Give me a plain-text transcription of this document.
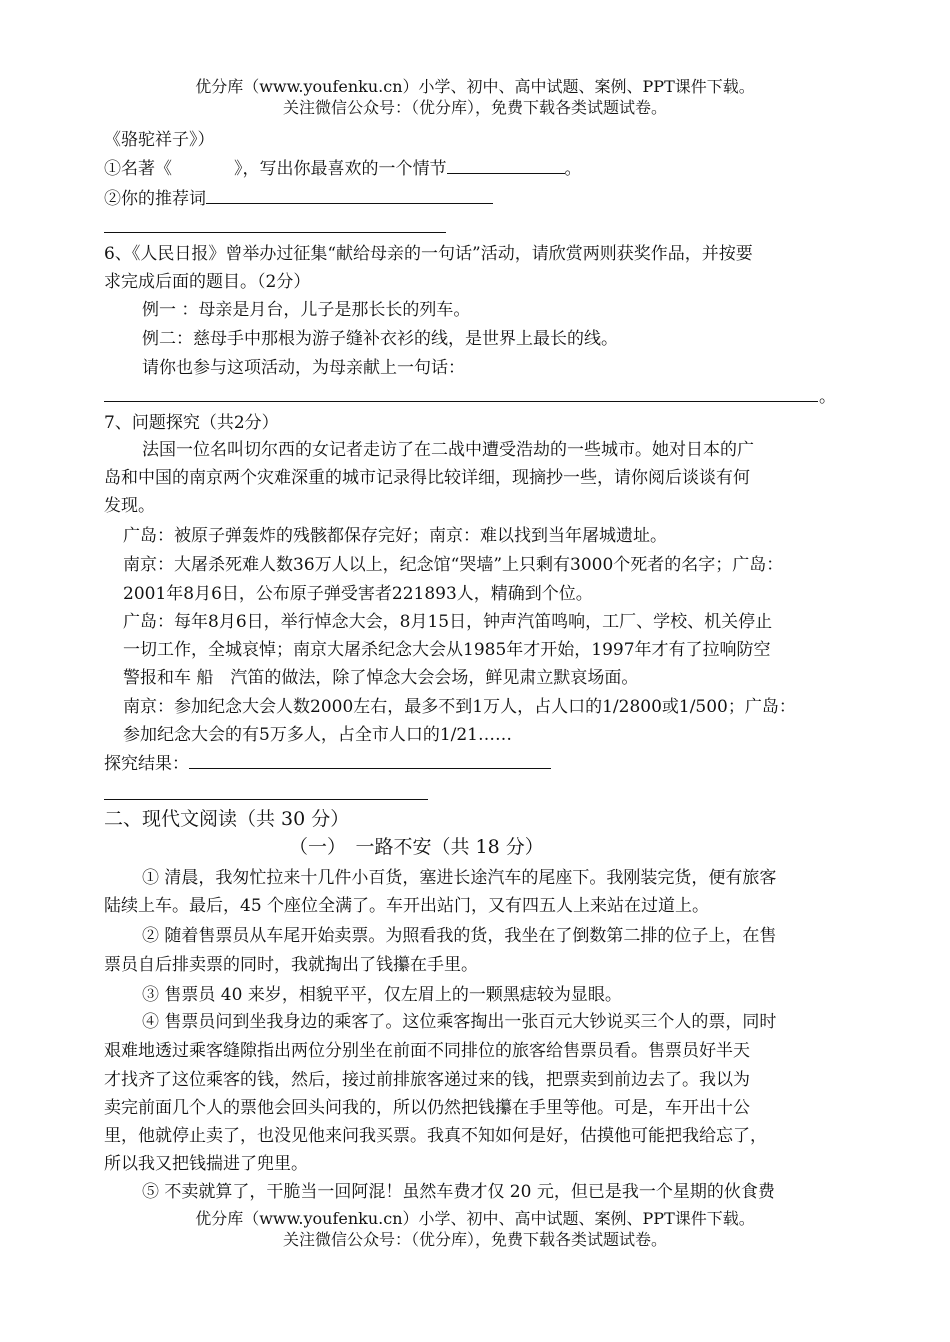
优分库（www.youfenku.cn）小学、初中、高中试题、案例、PPT课件下载。
关注微信公众号：（优分库），免费下载各类试题试卷。
《骆驼祥子》）
①名著《	》，写出你最喜欢的一个情节	。
②你的推荐词
6、《人民日报》曾举办过征集“献给母亲的一句话”活动，请欣赏两则获奖作品，并按要
求完成后面的题目。（2分）
例一 ：母亲是月台，儿子是那长长的列车。
例二：慈母手中那根为游子缝补衣衫的线，是世界上最长的线。
请你也参与这项活动，为母亲献上一句话：
。
7、问题探究（共2分）
法国一位名叫切尔西的女记者走访了在二战中遭受浩劫的一些城市。她对日本的广
岛和中国的南京两个灾难深重的城市记录得比较详细，现摘抄一些，请你阅后谈谈有何
发现。
广岛：被原子弹轰炸的残骸都保存完好；南京：难以找到当年屠城遗址。
南京：大屠杀死难人数36万人以上，纪念馆“哭墙”上只剩有3000个死者的名字；广岛：
2001年8月6日，公布原子弹受害者221893人，精确到个位。
广岛：每年8月6日，举行悼念大会，8月15日，钟声汽笛鸣响，工厂、学校、机关停止
一切工作，全城哀悼；南京大屠杀纪念大会从1985年才开始，1997年才有了拉响防空
警报和车 船　汽笛的做法，除了悼念大会会场，鲜见肃立默哀场面。
南京：参加纪念大会人数2000左右，最多不到1万人，占人口的1/2800或1/500；广岛：
参加纪念大会的有5万多人，占全市人口的1/21……
探究结果：
二、现代文阅读（共 30 分）
（一）　一路不安（共 18 分）
① 清晨，我匆忙拉来十几件小百货，塞进长途汽车的尾座下。我刚装完货，便有旅客
陆续上车。最后，45 个座位全满了。车开出站门，又有四五人上来站在过道上。
② 随着售票员从车尾开始卖票。为照看我的货，我坐在了倒数第二排的位子上，在售
票员自后排卖票的同时，我就掏出了钱攥在手里。
③ 售票员 40 来岁，相貌平平，仅左眉上的一颗黑痣较为显眼。
④ 售票员问到坐我身边的乘客了。这位乘客掏出一张百元大钞说买三个人的票，同时
艰难地透过乘客缝隙指出两位分别坐在前面不同排位的旅客给售票员看。售票员好半天
才找齐了这位乘客的钱，然后，接过前排旅客递过来的钱，把票卖到前边去了。我以为
卖完前面几个人的票他会回头问我的，所以仍然把钱攥在手里等他。可是，车开出十公
里，他就停止卖了，也没见他来问我买票。我真不知如何是好，估摸他可能把我给忘了，
所以我又把钱揣进了兜里。
⑤ 不卖就算了，干脆当一回阿混！虽然车费才仅 20 元，但已是我一个星期的伙食费
优分库（www.youfenku.cn）小学、初中、高中试题、案例、PPT课件下载。
关注微信公众号：（优分库），免费下载各类试题试卷。
